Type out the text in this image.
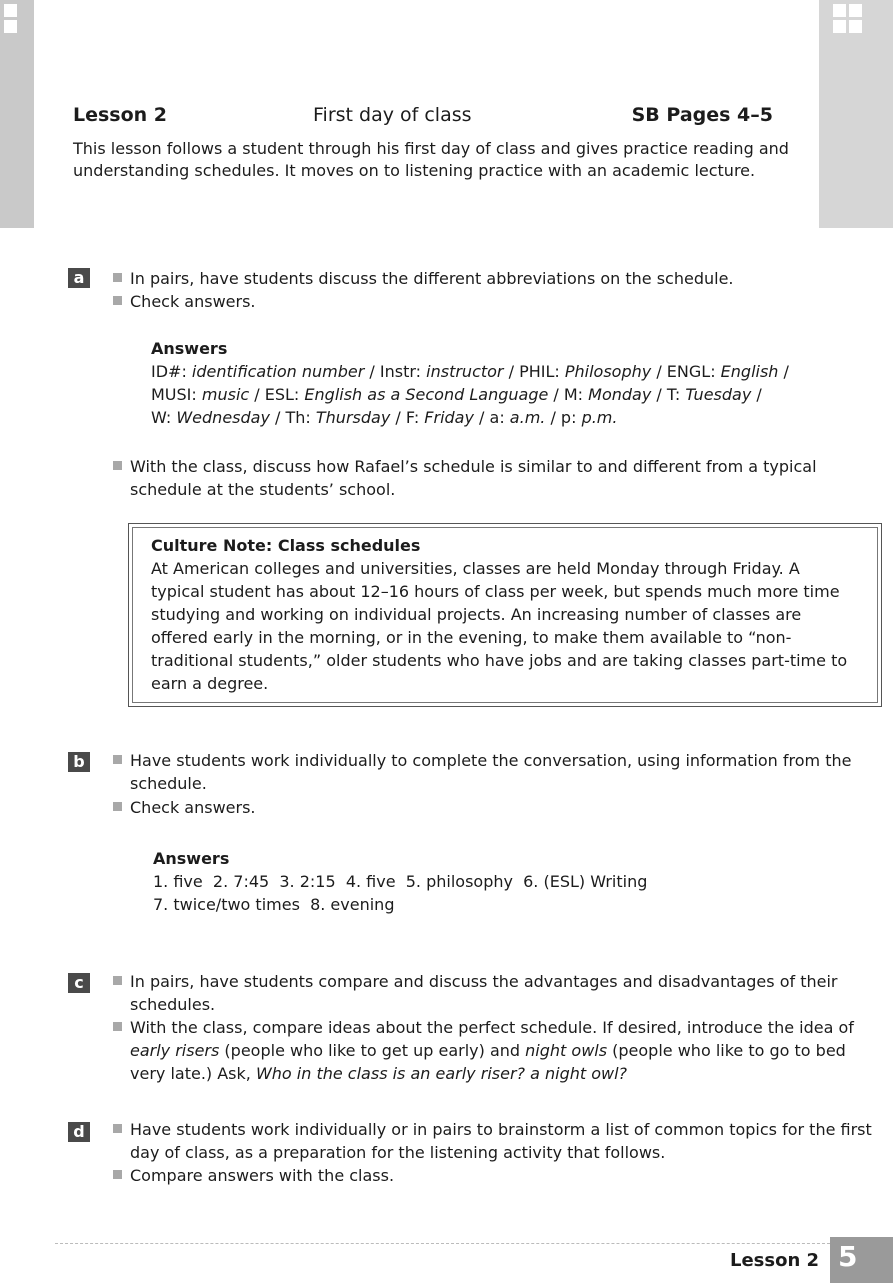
Lesson 2	First day of class	SB Pages 4–5
This lesson follows a student through his first day of class and gives practice reading and understanding schedules. It moves on to listening practice with an academic lecture.
a	In pairs, have students discuss the different abbreviations on the schedule.
Check answers.
Answers
ID#: identification number / Instr: instructor / PHIL: Philosophy / ENGL: English /
MUSI: music / ESL: English as a Second Language / M: Monday / T: Tuesday /
W: Wednesday / Th: Thursday / F: Friday / a: a.m. / p: p.m.
With the class, discuss how Rafael’s schedule is similar to and different from a typical schedule at the students’ school.
Culture Note: Class schedules
At American colleges and universities, classes are held Monday through Friday. A typical student has about 12–16 hours of class per week, but spends much more time studying and working on individual projects. An increasing number of classes are offered early in the morning, or in the evening, to make them available to “non-traditional students,” older students who have jobs and are taking classes part-time to earn a degree.
b	Have students work individually to complete the conversation, using information from the schedule.
Check answers.
Answers
1. five  2. 7:45  3. 2:15  4. five  5. philosophy  6. (ESL) Writing
7. twice/two times  8. evening
c	In pairs, have students compare and discuss the advantages and disadvantages of their schedules.
With the class, compare ideas about the perfect schedule. If desired, introduce the idea of early risers (people who like to get up early) and night owls (people who like to go to bed very late.) Ask, Who in the class is an early riser? a night owl?
d	Have students work individually or in pairs to brainstorm a list of common topics for the first day of class, as a preparation for the listening activity that follows.
Compare answers with the class.
Lesson 2 5
